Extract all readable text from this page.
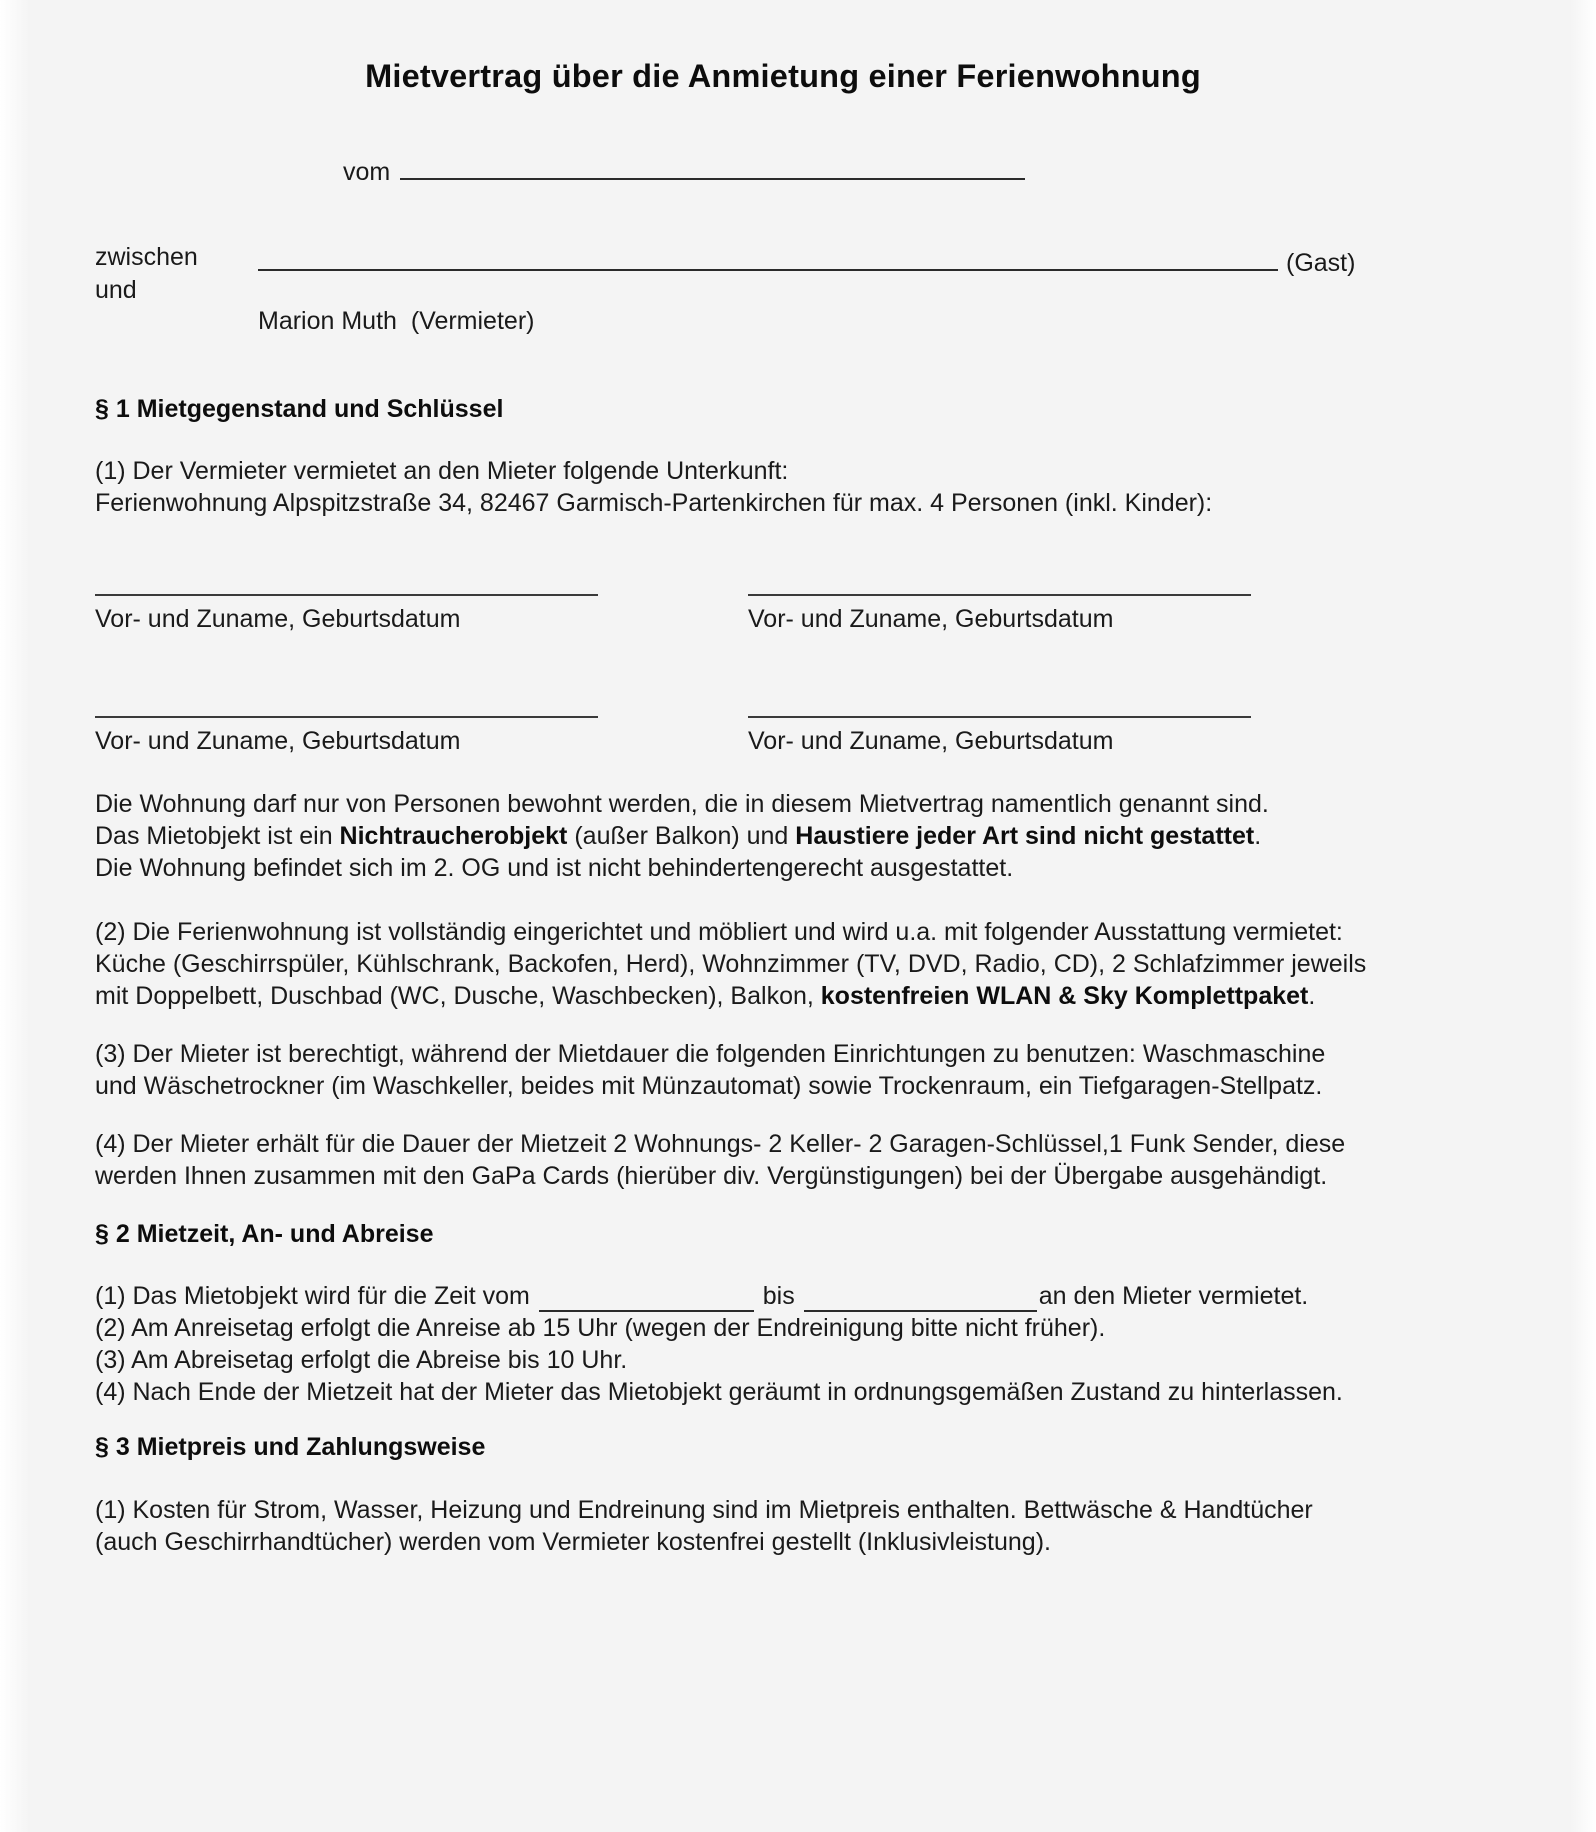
Mietvertrag über die Anmietung einer Ferienwohnung
vom
zwischen
und
(Gast)
Marion Muth  (Vermieter)
§ 1 Mietgegenstand und Schlüssel
(1) Der Vermieter vermietet an den Mieter folgende Unterkunft:
Ferienwohnung Alpspitzstraße 34, 82467 Garmisch-Partenkirchen für max. 4 Personen (inkl. Kinder):
Vor- und Zuname, Geburtsdatum	Vor- und Zuname, Geburtsdatum
Vor- und Zuname, Geburtsdatum	Vor- und Zuname, Geburtsdatum
Die Wohnung darf nur von Personen bewohnt werden, die in diesem Mietvertrag namentlich genannt sind.
Das Mietobjekt ist ein Nichtraucherobjekt (außer Balkon) und Haustiere jeder Art sind nicht gestattet.
Die Wohnung befindet sich im 2. OG und ist nicht behindertengerecht ausgestattet.
(2) Die Ferienwohnung ist vollständig eingerichtet und möbliert und wird u.a. mit folgender Ausstattung vermietet:
Küche (Geschirrspüler, Kühlschrank, Backofen, Herd), Wohnzimmer (TV, DVD, Radio, CD), 2 Schlafzimmer jeweils
mit Doppelbett, Duschbad (WC, Dusche, Waschbecken), Balkon, kostenfreien WLAN & Sky Komplettpaket.
(3) Der Mieter ist berechtigt, während der Mietdauer die folgenden Einrichtungen zu benutzen: Waschmaschine
und Wäschetrockner (im Waschkeller, beides mit Münzautomat) sowie Trockenraum, ein Tiefgaragen-Stellpatz.
(4) Der Mieter erhält für die Dauer der Mietzeit 2 Wohnungs- 2 Keller- 2 Garagen-Schlüssel,1 Funk Sender, diese
werden Ihnen zusammen mit den GaPa Cards (hierüber div. Vergünstigungen) bei der Übergabe ausgehändigt.
§ 2 Mietzeit, An- und Abreise
(1) Das Mietobjekt wird für die Zeit vom	bis	an den Mieter vermietet.
(2) Am Anreisetag erfolgt die Anreise ab 15 Uhr (wegen der Endreinigung bitte nicht früher).
(3) Am Abreisetag erfolgt die Abreise bis 10 Uhr.
(4) Nach Ende der Mietzeit hat der Mieter das Mietobjekt geräumt in ordnungsgemäßen Zustand zu hinterlassen.
§ 3 Mietpreis und Zahlungsweise
(1) Kosten für Strom, Wasser, Heizung und Endreinung sind im Mietpreis enthalten. Bettwäsche & Handtücher
(auch Geschirrhandtücher) werden vom Vermieter kostenfrei gestellt (Inklusivleistung).
